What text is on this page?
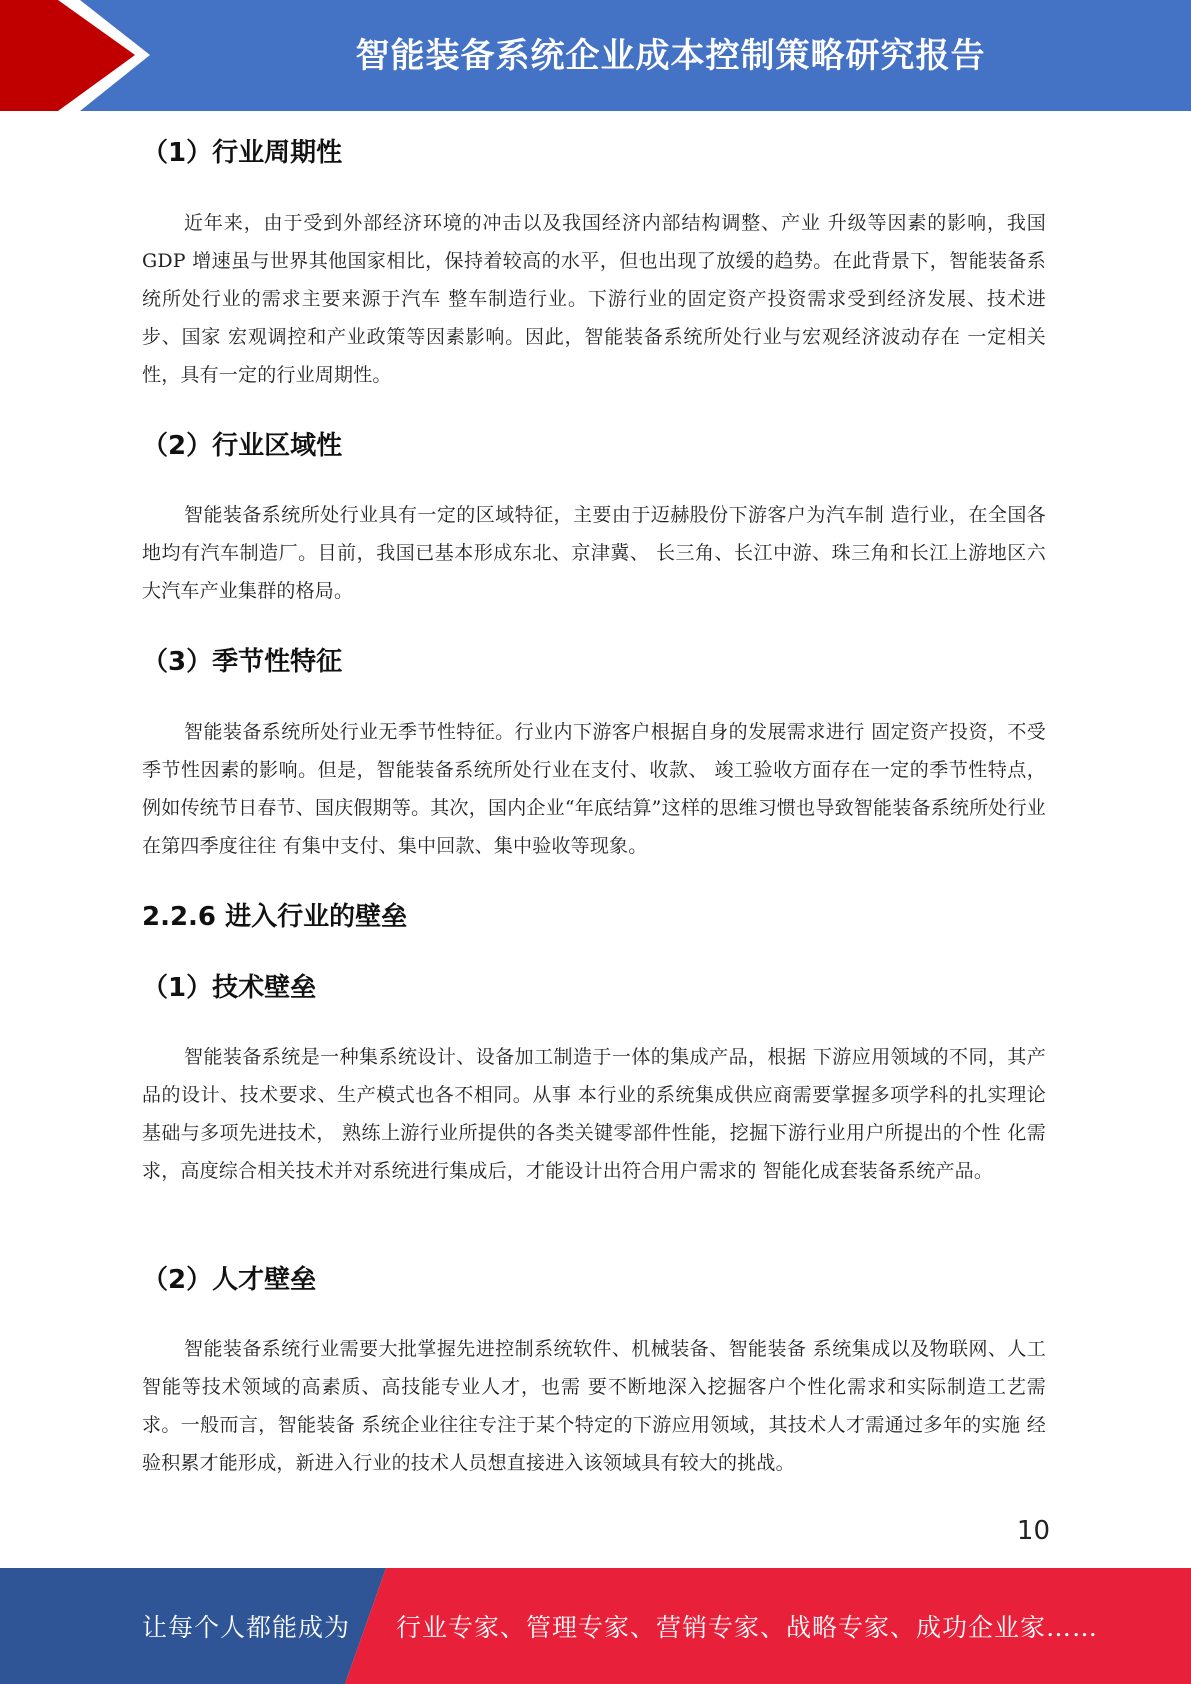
智能装备系统企业成本控制策略研究报告
（1）行业周期性
近年来，由于受到外部经济环境的冲击以及我国经济内部结构调整、产业 升级等因素的影响，我国 GDP 增速虽与世界其他国家相比，保持着较高的水平，但也出现了放缓的趋势。在此背景下，智能装备系统所处行业的需求主要来源于汽车 整车制造行业。下游行业的固定资产投资需求受到经济发展、技术进步、国家 宏观调控和产业政策等因素影响。因此，智能装备系统所处行业与宏观经济波动存在 一定相关性，具有一定的行业周期性。
（2）行业区域性
智能装备系统所处行业具有一定的区域特征，主要由于迈赫股份下游客户为汽车制 造行业，在全国各地均有汽车制造厂。目前，我国已基本形成东北、京津冀、 长三角、长江中游、珠三角和长江上游地区六大汽车产业集群的格局。
（3）季节性特征
智能装备系统所处行业无季节性特征。行业内下游客户根据自身的发展需求进行 固定资产投资，不受季节性因素的影响。但是，智能装备系统所处行业在支付、收款、 竣工验收方面存在一定的季节性特点，例如传统节日春节、国庆假期等。其次，国内企业“年底结算”这样的思维习惯也导致智能装备系统所处行业在第四季度往往 有集中支付、集中回款、集中验收等现象。
2.2.6 进入行业的壁垒
（1）技术壁垒
智能装备系统是一种集系统设计、设备加工制造于一体的集成产品，根据 下游应用领域的不同，其产品的设计、技术要求、生产模式也各不相同。从事 本行业的系统集成供应商需要掌握多项学科的扎实理论基础与多项先进技术， 熟练上游行业所提供的各类关键零部件性能，挖掘下游行业用户所提出的个性 化需求，高度综合相关技术并对系统进行集成后，才能设计出符合用户需求的 智能化成套装备系统产品。
（2）人才壁垒
智能装备系统行业需要大批掌握先进控制系统软件、机械装备、智能装备 系统集成以及物联网、人工智能等技术领域的高素质、高技能专业人才，也需 要不断地深入挖掘客户个性化需求和实际制造工艺需求。一般而言，智能装备 系统企业往往专注于某个特定的下游应用领域，其技术人才需通过多年的实施 经验积累才能形成，新进入行业的技术人员想直接进入该领域具有较大的挑战。
10
让每个人都能成为 行业专家、管理专家、营销专家、战略专家、成功企业家……
